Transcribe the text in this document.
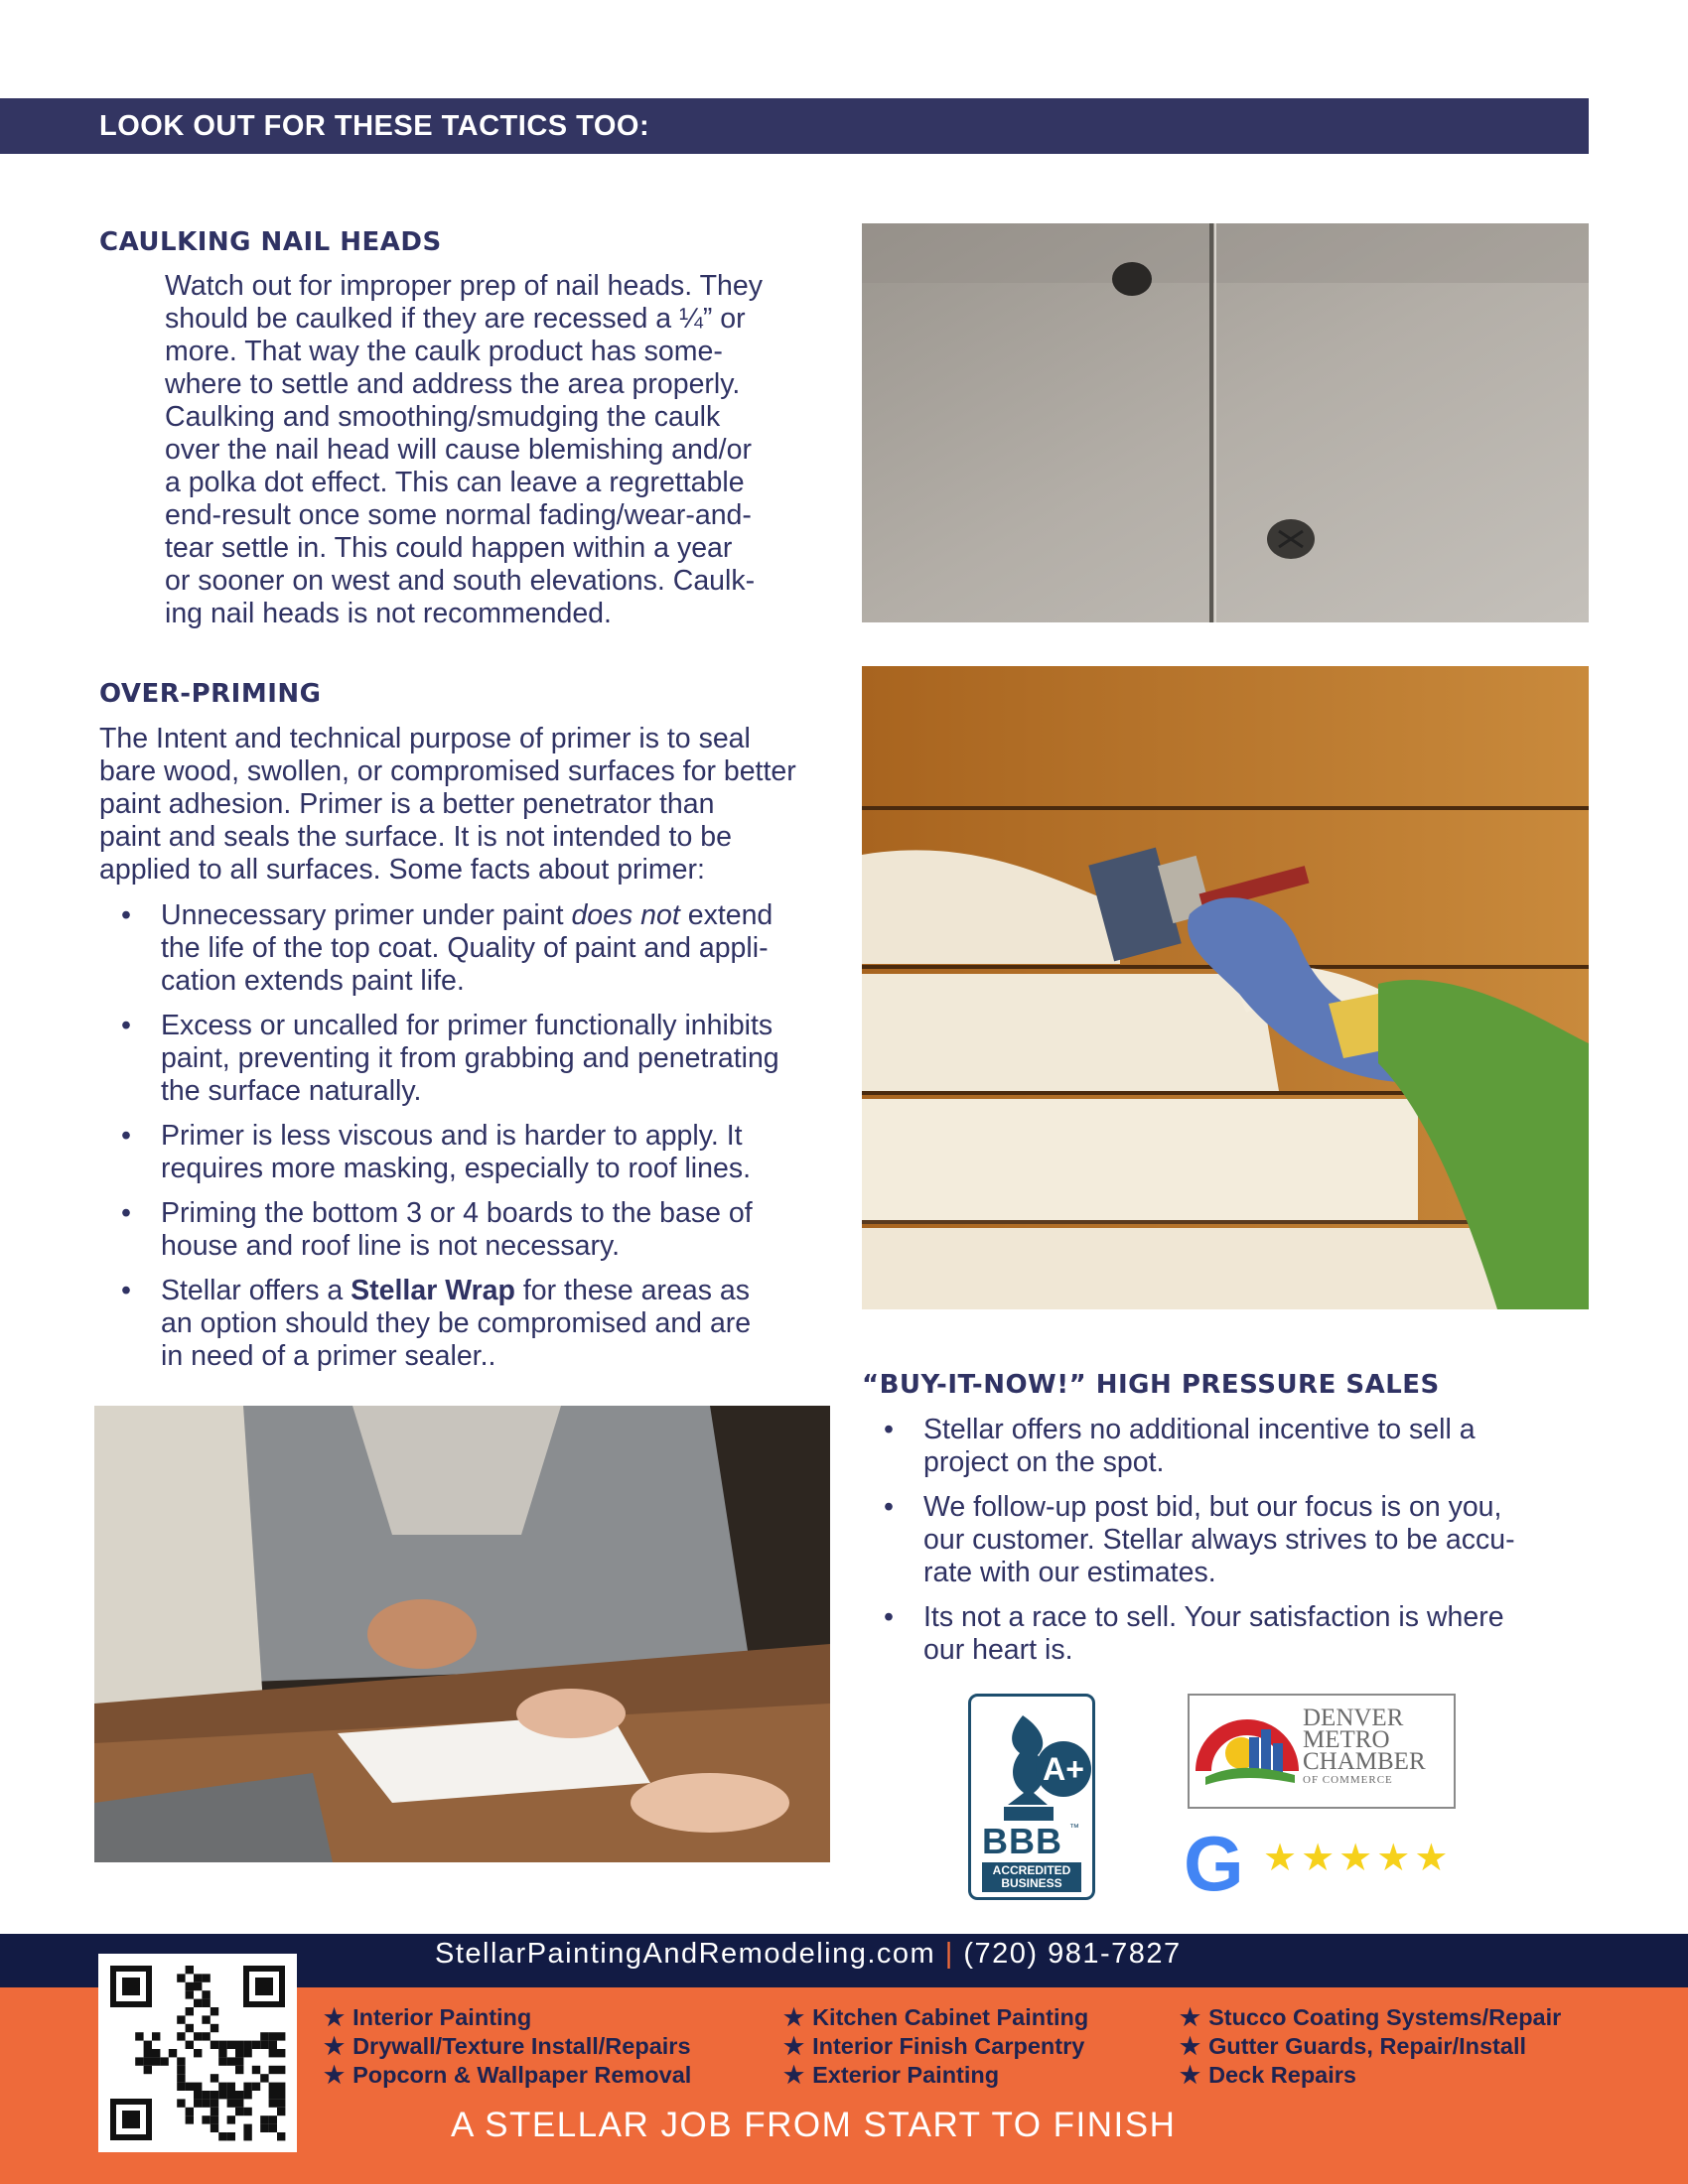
LOOK OUT FOR THESE TACTICS TOO:
CAULKING NAIL HEADS
Watch out for improper prep of nail heads. They
should be caulked if they are recessed a ¼” or
more. That way the caulk product has some-
where to settle and address the area properly.
Caulking and smoothing/smudging the caulk
over the nail head will cause blemishing and/or
a polka dot effect. This can leave a regrettable
end-result once some normal fading/wear-and-
tear settle in. This could happen within a year
or sooner on west and south elevations. Caulk-
ing nail heads is not recommended.
OVER-PRIMING
The Intent and technical purpose of primer is to seal
bare wood, swollen, or compromised surfaces for better
paint adhesion. Primer is a better penetrator than
paint and seals the surface. It is not intended to be
applied to all surfaces. Some facts about primer:
• Unnecessary primer under paint does not extend
the life of the top coat. Quality of paint and appli-
cation extends paint life.
• Excess or uncalled for primer functionally inhibits
paint, preventing it from grabbing and penetrating
the surface naturally.
• Primer is less viscous and is harder to apply. It
requires more masking, especially to roof lines.
• Priming the bottom 3 or 4 boards to the base of
house and roof line is not necessary.
• Stellar offers a Stellar Wrap for these areas as
an option should they be compromised and are
in need of a primer sealer..
“BUY-IT-NOW!” HIGH PRESSURE SALES
• Stellar offers no additional incentive to sell a
project on the spot.
• We follow-up post bid, but our focus is on you,
our customer. Stellar always strives to be accu-
rate with our estimates.
• Its not a race to sell. Your satisfaction is where
our heart is.
A+
BBB ™
ACCREDITED
BUSINESS
DENVER
METRO
CHAMBER
OF COMMERCE
G ★★★★★
StellarPaintingAndRemodeling.com | (720) 981-7827
★ Interior Painting
★ Drywall/Texture Install/Repairs
★ Popcorn & Wallpaper Removal
★ Kitchen Cabinet Painting
★ Interior Finish Carpentry
★ Exterior Painting
★ Stucco Coating Systems/Repair
★ Gutter Guards, Repair/Install
★ Deck Repairs
A STELLAR JOB FROM START TO FINISH
